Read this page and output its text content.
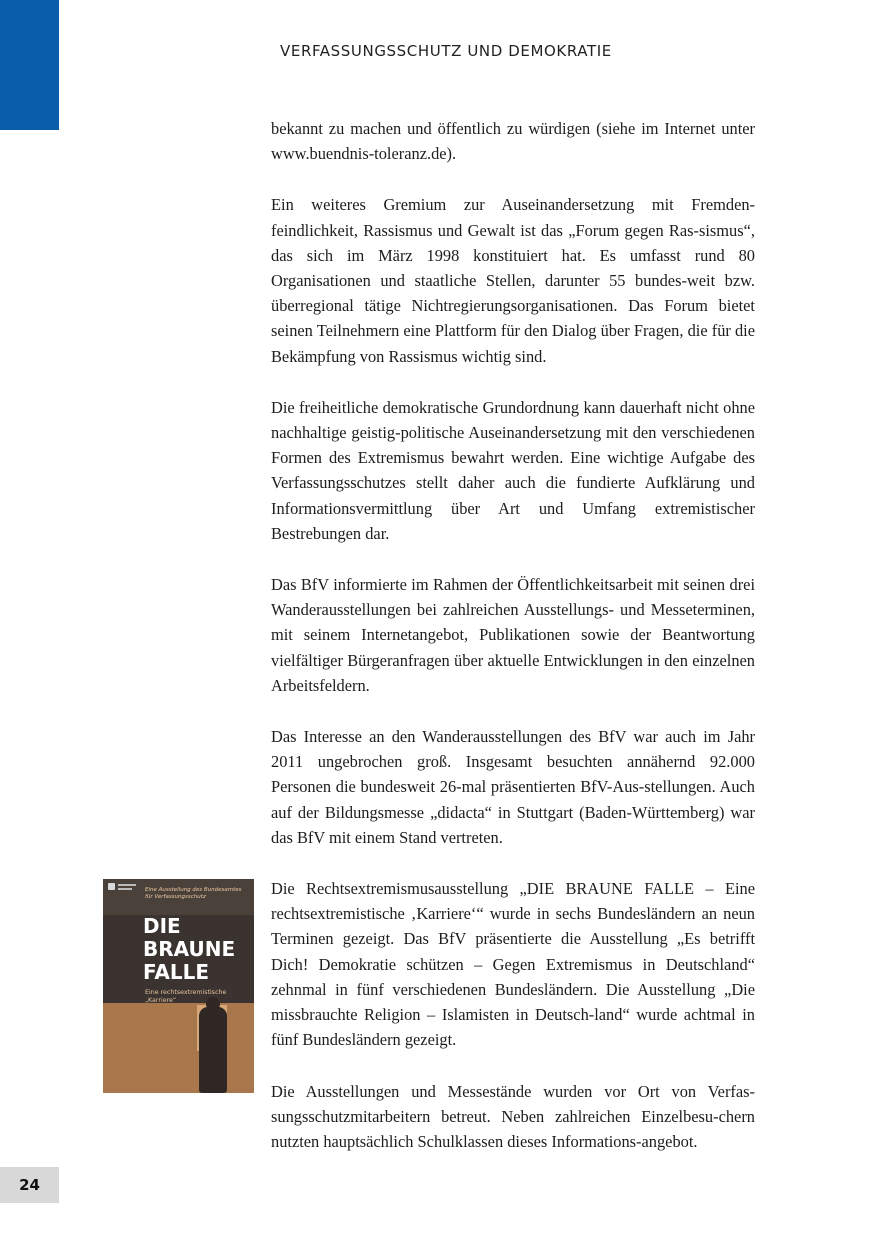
VERFASSUNGSSCHUTZ UND DEMOKRATIE

bekannt zu machen und öffentlich zu würdigen (siehe im Internet unter www.buendnis-toleranz.de).

Ein weiteres Gremium zur Auseinandersetzung mit Fremden-feindlichkeit, Rassismus und Gewalt ist das „Forum gegen Ras-sismus“, das sich im März 1998 konstituiert hat. Es umfasst rund 80 Organisationen und staatliche Stellen, darunter 55 bundes-weit bzw. überregional tätige Nichtregierungsorganisationen. Das Forum bietet seinen Teilnehmern eine Plattform für den Dialog über Fragen, die für die Bekämpfung von Rassismus wichtig sind.

Die freiheitliche demokratische Grundordnung kann dauerhaft nicht ohne nachhaltige geistig-politische Auseinandersetzung mit den verschiedenen Formen des Extremismus bewahrt werden. Eine wichtige Aufgabe des Verfassungsschutzes stellt daher auch die fundierte Aufklärung und Informationsvermittlung über Art und Umfang extremistischer Bestrebungen dar.

Das BfV informierte im Rahmen der Öffentlichkeitsarbeit mit seinen drei Wanderausstellungen bei zahlreichen Ausstellungs- und Messeterminen, mit seinem Internetangebot, Publikationen sowie der Beantwortung vielfältiger Bürgeranfragen über aktuelle Entwicklungen in den einzelnen Arbeitsfeldern.

Das Interesse an den Wanderausstellungen des BfV war auch im Jahr 2011 ungebrochen groß. Insgesamt besuchten annähernd 92.000 Personen die bundesweit 26-mal präsentierten BfV-Aus-stellungen. Auch auf der Bildungsmesse „didacta“ in Stuttgart (Baden-Württemberg) war das BfV mit einem Stand vertreten.

Die Rechtsextremismusausstellung „DIE BRAUNE FALLE – Eine rechtsextremistische ‚Karriere‘“ wurde in sechs Bundesländern an neun Terminen gezeigt. Das BfV präsentierte die Ausstellung „Es betrifft Dich! Demokratie schützen – Gegen Extremismus in Deutschland“ zehnmal in fünf verschiedenen Bundesländern. Die Ausstellung „Die missbrauchte Religion – Islamisten in Deutsch-land“ wurde achtmal in fünf Bundesländern gezeigt.

Die Ausstellungen und Messestände wurden vor Ort von Verfas-sungsschutzmitarbeitern betreut. Neben zahlreichen Einzelbesu-chern nutzten hauptsächlich Schulklassen dieses Informations-angebot.

Eine Ausstellung des Bundesamtes für Verfassungsschutz
DIE
BRAUNE
FALLE
Eine rechtsextremistische „Karriere“
24
